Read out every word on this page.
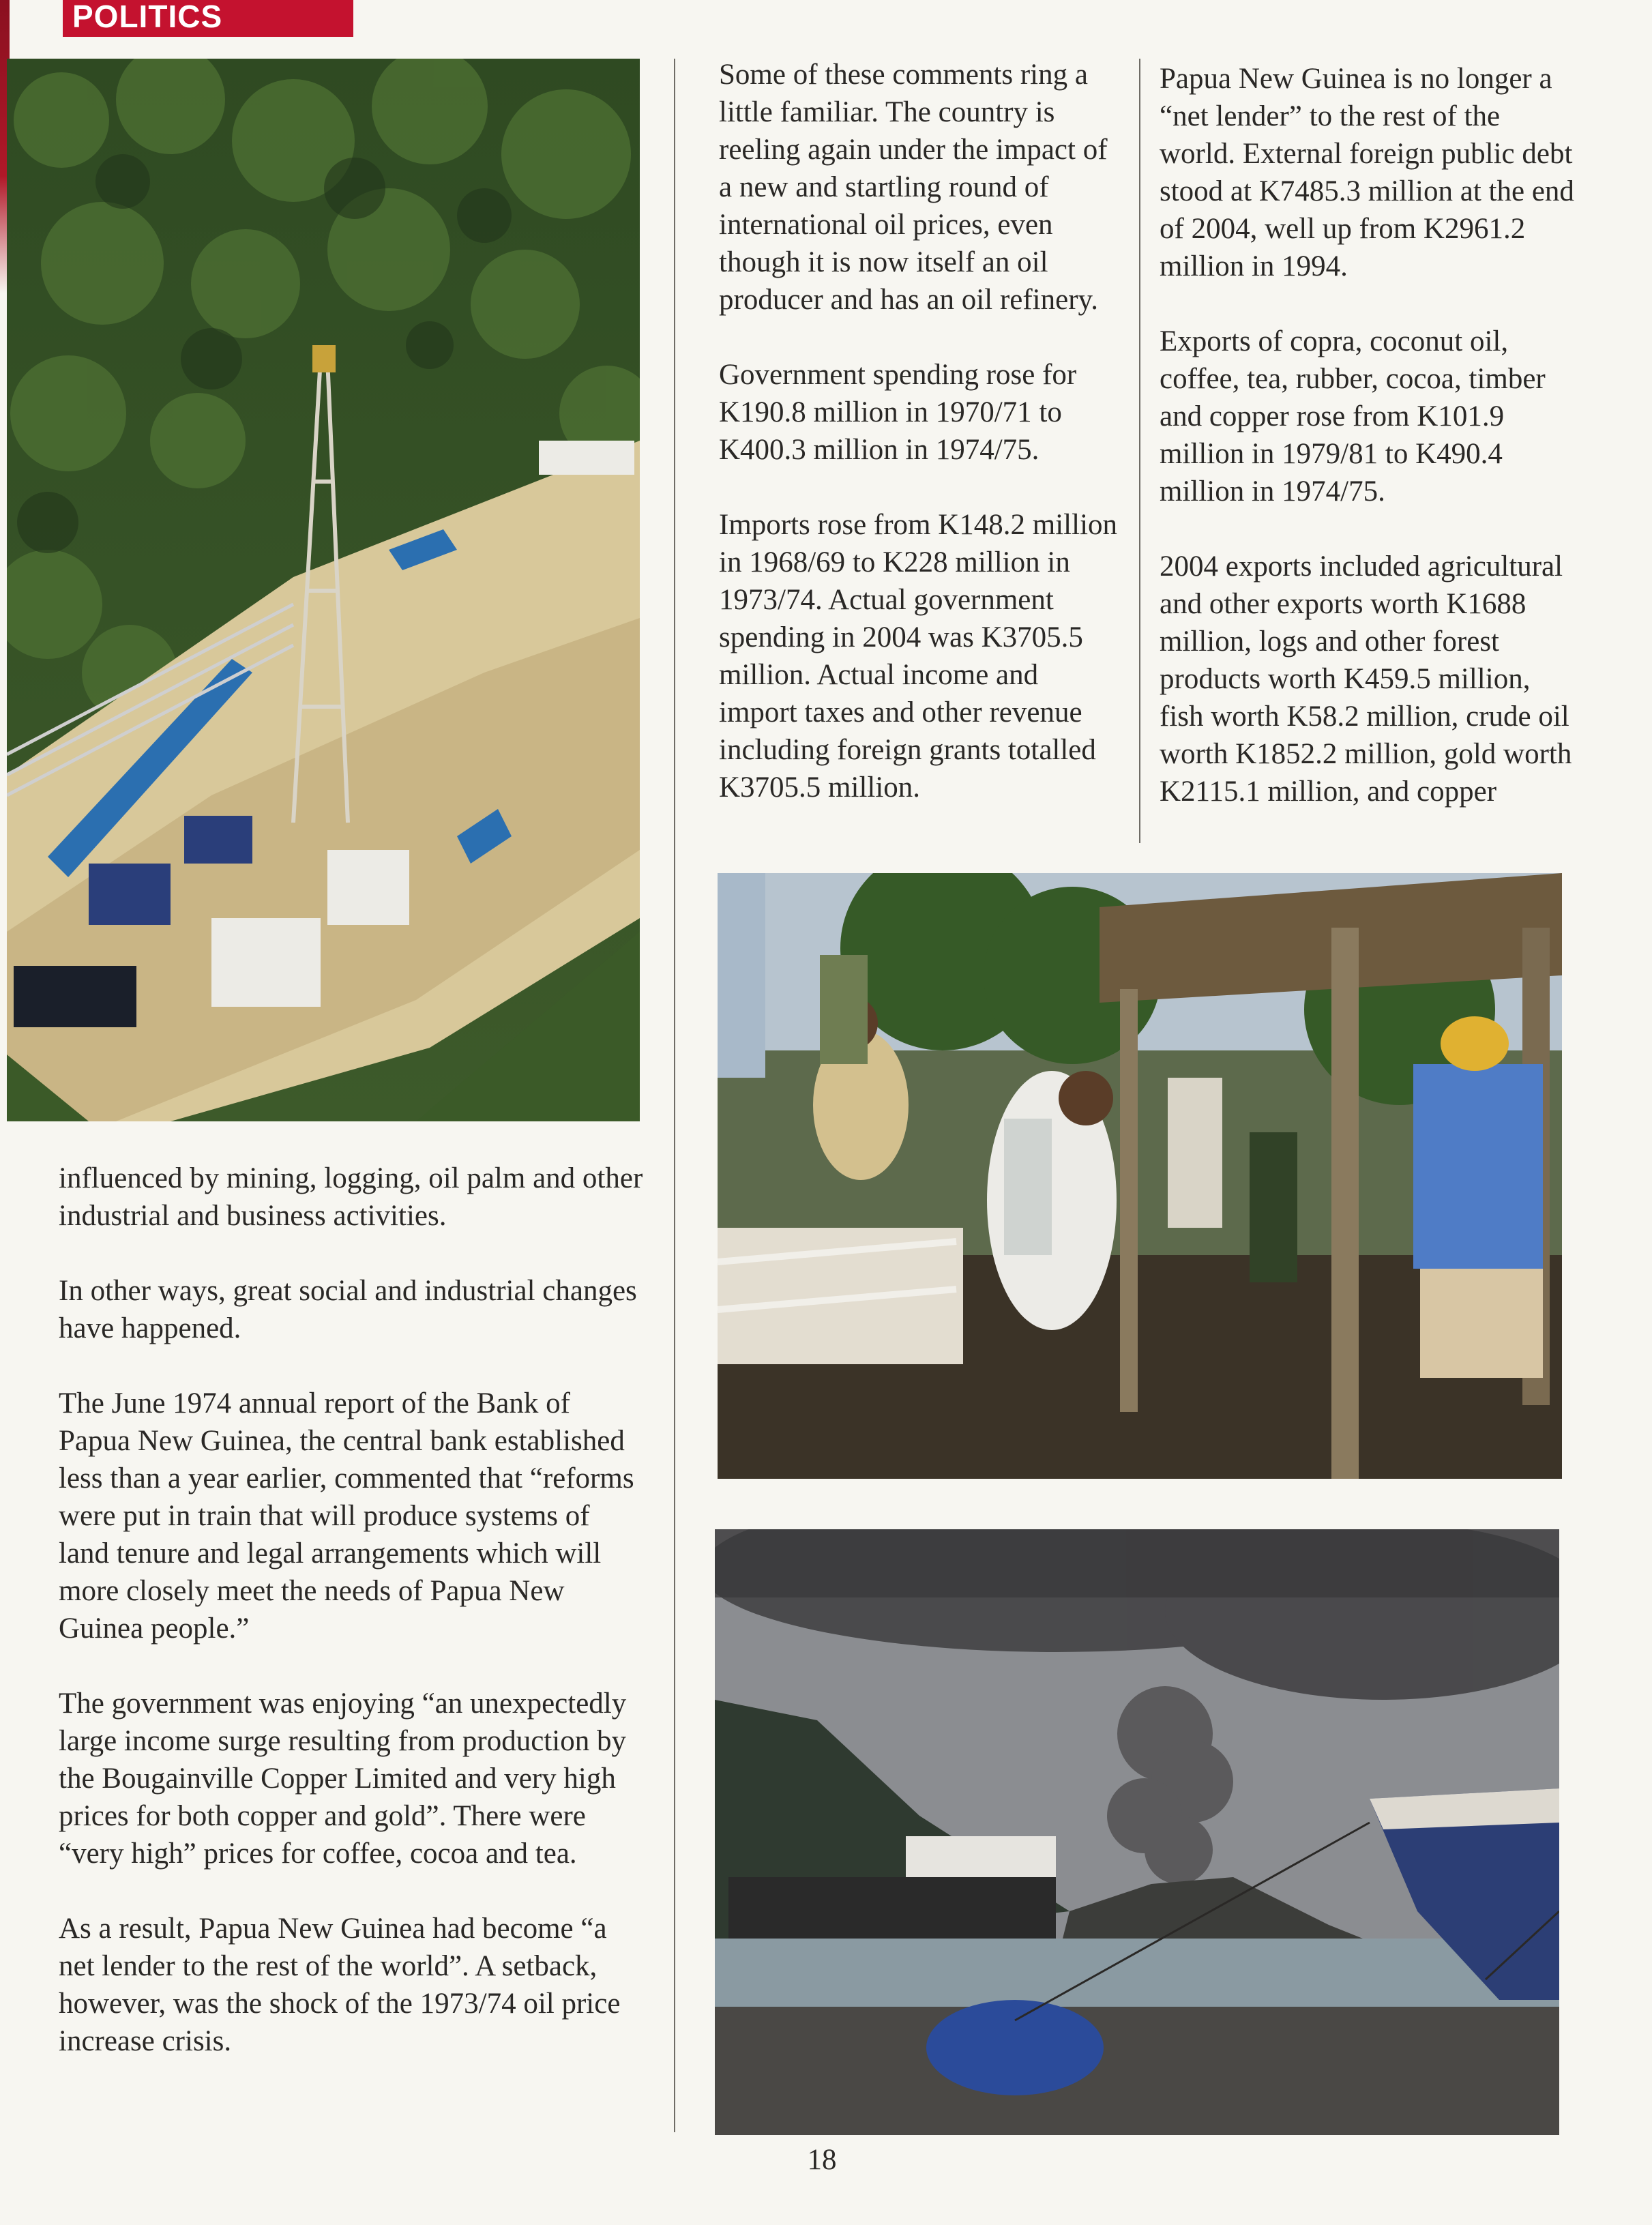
POLITICS

Some of these comments ring a little familiar. The country is reeling again under the impact of a new and startling round of international oil prices, even though it is now itself an oil producer and has an oil refinery.

Government spending rose for K190.8 million in 1970/71 to K400.3 million in 1974/75.

Imports rose from K148.2 million in 1968/69 to K228 million in 1973/74. Actual government spending in 2004 was K3705.5 million. Actual income and import taxes and other revenue including foreign grants totalled K3705.5 million.

Papua New Guinea is no longer a “net lender” to the rest of the world. External foreign public debt stood at K7485.3 million at the end of 2004, well up from K2961.2 million in 1994.

Exports of copra, coconut oil, coffee, tea, rubber, cocoa, timber and copper rose from K101.9 million in 1979/81 to K490.4 million in 1974/75.

2004 exports included agricultural and other exports worth K1688 million, logs and other forest products worth K459.5 million, fish worth K58.2 million, crude oil worth K1852.2 million, gold worth K2115.1 million, and copper

influenced by mining, logging, oil palm and other industrial and business activities.

In other ways, great social and industrial changes have happened.

The June 1974 annual report of the Bank of Papua New Guinea, the central bank established less than a year earlier, commented that “reforms were put in train that will produce systems of land tenure and legal arrangements which will more closely meet the needs of Papua New Guinea people.”

The government was enjoying “an unexpectedly large income surge resulting from production by the Bougainville Copper Limited and very high prices for both copper and gold”. There were “very high” prices for coffee, cocoa and tea.

As a result, Papua New Guinea had become “a net lender to the rest of the world”. A setback, however, was the shock of the 1973/74 oil price increase crisis.

18
